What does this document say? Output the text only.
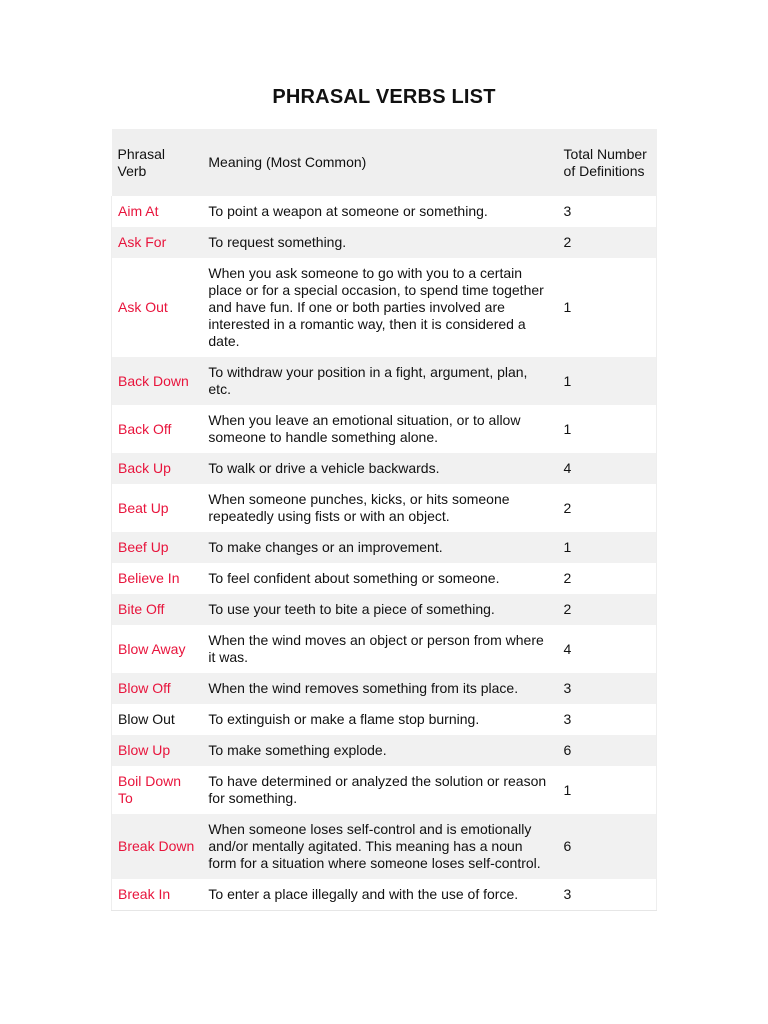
PHRASAL VERBS LIST
Phrasal Verb	Meaning (Most Common)	Total Number of Definitions
Aim At	To point a weapon at someone or something.	3
Ask For	To request something.	2
Ask Out	When you ask someone to go with you to a certain place or for a special occasion, to spend time together and have fun. If one or both parties involved are interested in a romantic way, then it is considered a date.	1
Back Down	To withdraw your position in a fight, argument, plan, etc.	1
Back Off	When you leave an emotional situation, or to allow someone to handle something alone.	1
Back Up	To walk or drive a vehicle backwards.	4
Beat Up	When someone punches, kicks, or hits someone repeatedly using fists or with an object.	2
Beef Up	To make changes or an improvement.	1
Believe In	To feel confident about something or someone.	2
Bite Off	To use your teeth to bite a piece of something.	2
Blow Away	When the wind moves an object or person from where it was.	4
Blow Off	When the wind removes something from its place.	3
Blow Out	To extinguish or make a flame stop burning.	3
Blow Up	To make something explode.	6
Boil Down To	To have determined or analyzed the solution or reason for something.	1
Break Down	When someone loses self-control and is emotionally and/or mentally agitated. This meaning has a noun form for a situation where someone loses self-control.	6
Break In	To enter a place illegally and with the use of force.	3
